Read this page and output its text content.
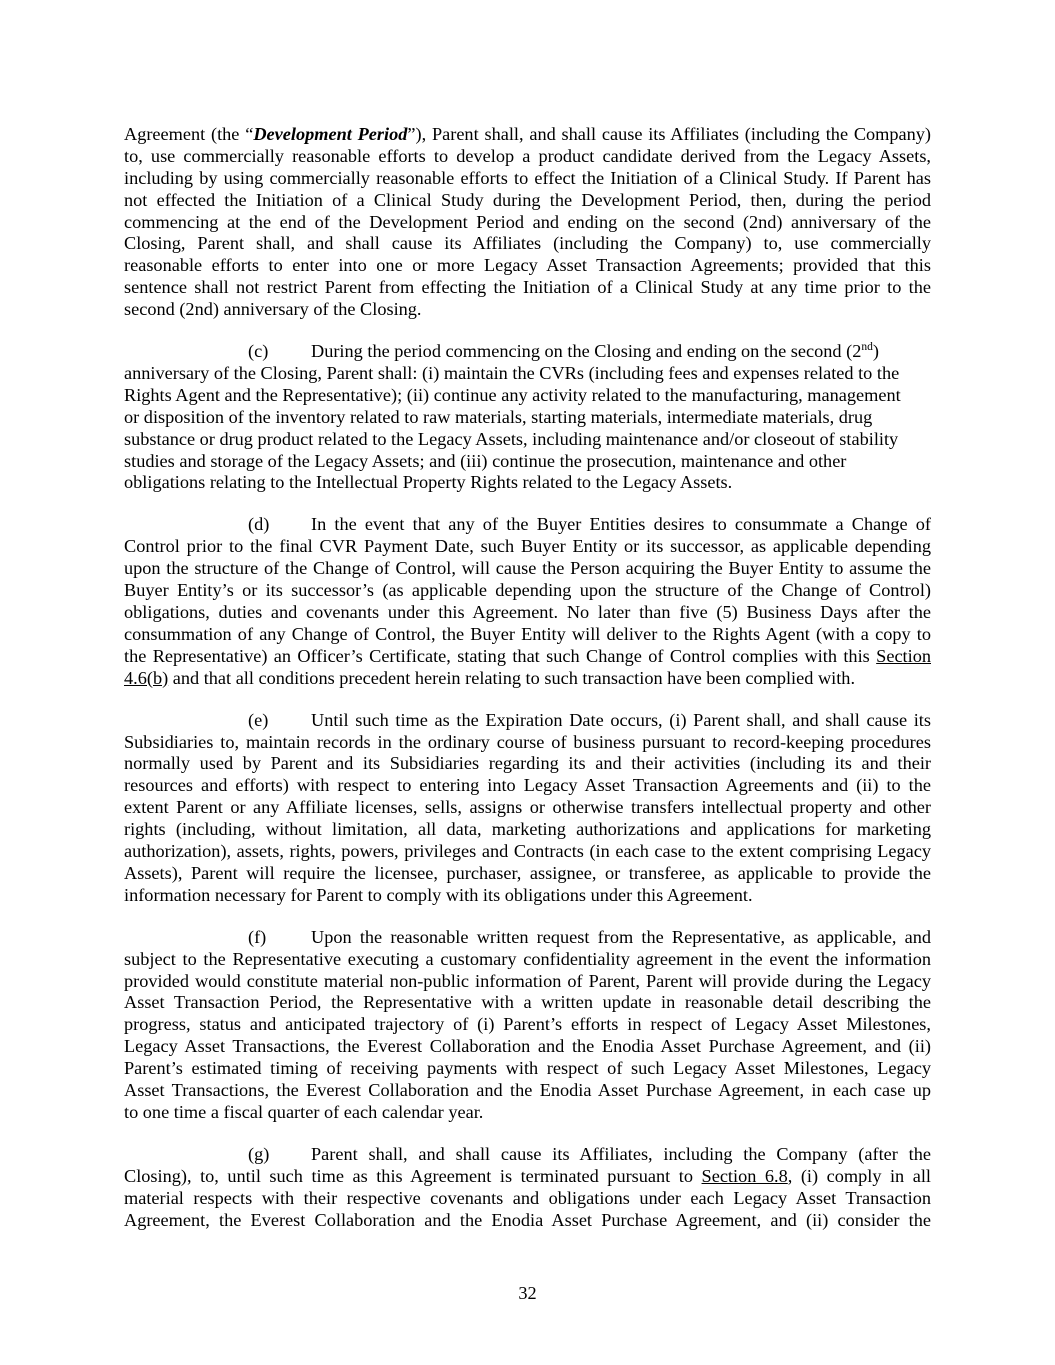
Agreement (the “Development Period”), Parent shall, and shall cause its Affiliates (including the Company)
to, use commercially reasonable efforts to develop a product candidate derived from the Legacy Assets,
including by using commercially reasonable efforts to effect the Initiation of a Clinical Study. If Parent has
not effected the Initiation of a Clinical Study during the Development Period, then, during the period
commencing at the end of the Development Period and ending on the second (2nd) anniversary of the
Closing, Parent shall, and shall cause its Affiliates (including the Company) to, use commercially
reasonable efforts to enter into one or more Legacy Asset Transaction Agreements; provided that this
sentence shall not restrict Parent from effecting the Initiation of a Clinical Study at any time prior to the
second (2nd) anniversary of the Closing.
(c) During the period commencing on the Closing and ending on the second (2nd)
anniversary of the Closing, Parent shall: (i) maintain the CVRs (including fees and expenses related to the
Rights Agent and the Representative); (ii) continue any activity related to the manufacturing, management
or disposition of the inventory related to raw materials, starting materials, intermediate materials, drug
substance or drug product related to the Legacy Assets, including maintenance and/or closeout of stability
studies and storage of the Legacy Assets; and (iii) continue the prosecution, maintenance and other
obligations relating to the Intellectual Property Rights related to the Legacy Assets.
(d) In the event that any of the Buyer Entities desires to consummate a Change of
Control prior to the final CVR Payment Date, such Buyer Entity or its successor, as applicable depending
upon the structure of the Change of Control, will cause the Person acquiring the Buyer Entity to assume the
Buyer Entity’s or its successor’s (as applicable depending upon the structure of the Change of Control)
obligations, duties and covenants under this Agreement. No later than five (5) Business Days after the
consummation of any Change of Control, the Buyer Entity will deliver to the Rights Agent (with a copy to
the Representative) an Officer’s Certificate, stating that such Change of Control complies with this Section
4.6(b) and that all conditions precedent herein relating to such transaction have been complied with.
(e) Until such time as the Expiration Date occurs, (i) Parent shall, and shall cause its
Subsidiaries to, maintain records in the ordinary course of business pursuant to record-keeping procedures
normally used by Parent and its Subsidiaries regarding its and their activities (including its and their
resources and efforts) with respect to entering into Legacy Asset Transaction Agreements and (ii) to the
extent Parent or any Affiliate licenses, sells, assigns or otherwise transfers intellectual property and other
rights (including, without limitation, all data, marketing authorizations and applications for marketing
authorization), assets, rights, powers, privileges and Contracts (in each case to the extent comprising Legacy
Assets), Parent will require the licensee, purchaser, assignee, or transferee, as applicable to provide the
information necessary for Parent to comply with its obligations under this Agreement.
(f) Upon the reasonable written request from the Representative, as applicable, and
subject to the Representative executing a customary confidentiality agreement in the event the information
provided would constitute material non-public information of Parent, Parent will provide during the Legacy
Asset Transaction Period, the Representative with a written update in reasonable detail describing the
progress, status and anticipated trajectory of (i) Parent’s efforts in respect of Legacy Asset Milestones,
Legacy Asset Transactions, the Everest Collaboration and the Enodia Asset Purchase Agreement, and (ii)
Parent’s estimated timing of receiving payments with respect of such Legacy Asset Milestones, Legacy
Asset Transactions, the Everest Collaboration and the Enodia Asset Purchase Agreement, in each case up
to one time a fiscal quarter of each calendar year.
(g) Parent shall, and shall cause its Affiliates, including the Company (after the
Closing), to, until such time as this Agreement is terminated pursuant to Section 6.8, (i) comply in all
material respects with their respective covenants and obligations under each Legacy Asset Transaction
Agreement, the Everest Collaboration and the Enodia Asset Purchase Agreement, and (ii) consider the
32
